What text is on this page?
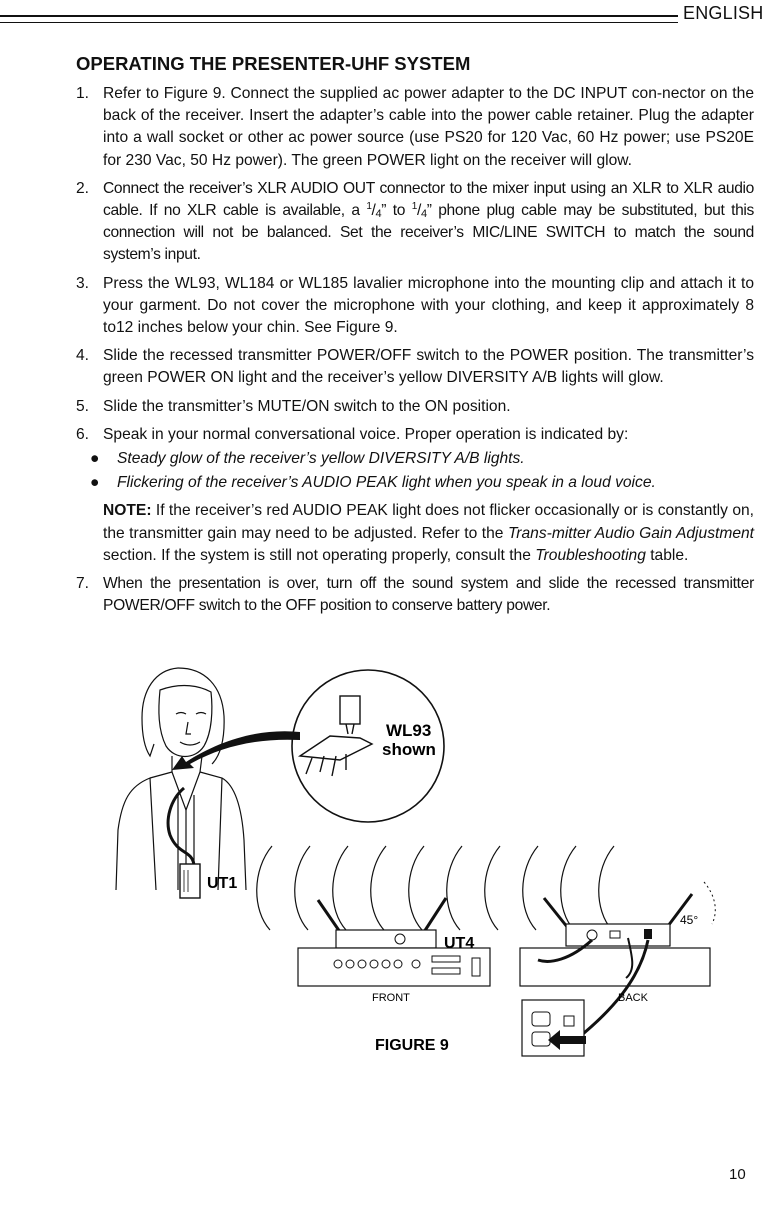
ENGLISH
OPERATING THE PRESENTER-UHF SYSTEM
1. Refer to Figure 9. Connect the supplied ac power adapter to the DC INPUT con-nector on the back of the receiver. Insert the adapter’s cable into the power cable retainer. Plug the adapter into a wall socket or other ac power source (use PS20 for 120 Vac, 60 Hz power; use PS20E for 230 Vac, 50 Hz power). The green POWER light on the receiver will glow.
2. Connect the receiver’s XLR AUDIO OUT connector to the mixer input using an XLR to XLR audio cable. If no XLR cable is available, a $^1$/4” to $^1$/4” phone plug cable may be substituted, but this connection will not be balanced. Set the receiver’s MIC/LINE SWITCH to match the sound system’s input.
3. Press the WL93, WL184 or WL185 lavalier microphone into the mounting clip and attach it to your garment. Do not cover the microphone with your clothing, and keep it approximately 8 to12 inches below your chin. See Figure 9.
4. Slide the recessed transmitter POWER/OFF switch to the POWER position. The transmitter’s green POWER ON light and the receiver’s yellow DIVERSITY A/B lights will glow.
5. Slide the transmitter’s MUTE/ON switch to the ON position.
6. Speak in your normal conversational voice. Proper operation is indicated by:
● Steady glow of the receiver’s yellow DIVERSITY A/B lights.
● Flickering of the receiver’s AUDIO PEAK light when you speak in a loud voice.
NOTE: If the receiver’s red AUDIO PEAK light does not flicker occasionally or is constantly on, the transmitter gain may need to be adjusted. Refer to the Trans-mitter Audio Gain Adjustment section. If the system is still not operating properly, consult the Troubleshooting table.
7. When the presentation is over, turn off the sound system and slide the recessed transmitter POWER/OFF switch to the OFF position to conserve battery power.
WL93
shown
UT1
UT4
FRONT
45°
BACK
FIGURE 9
10
